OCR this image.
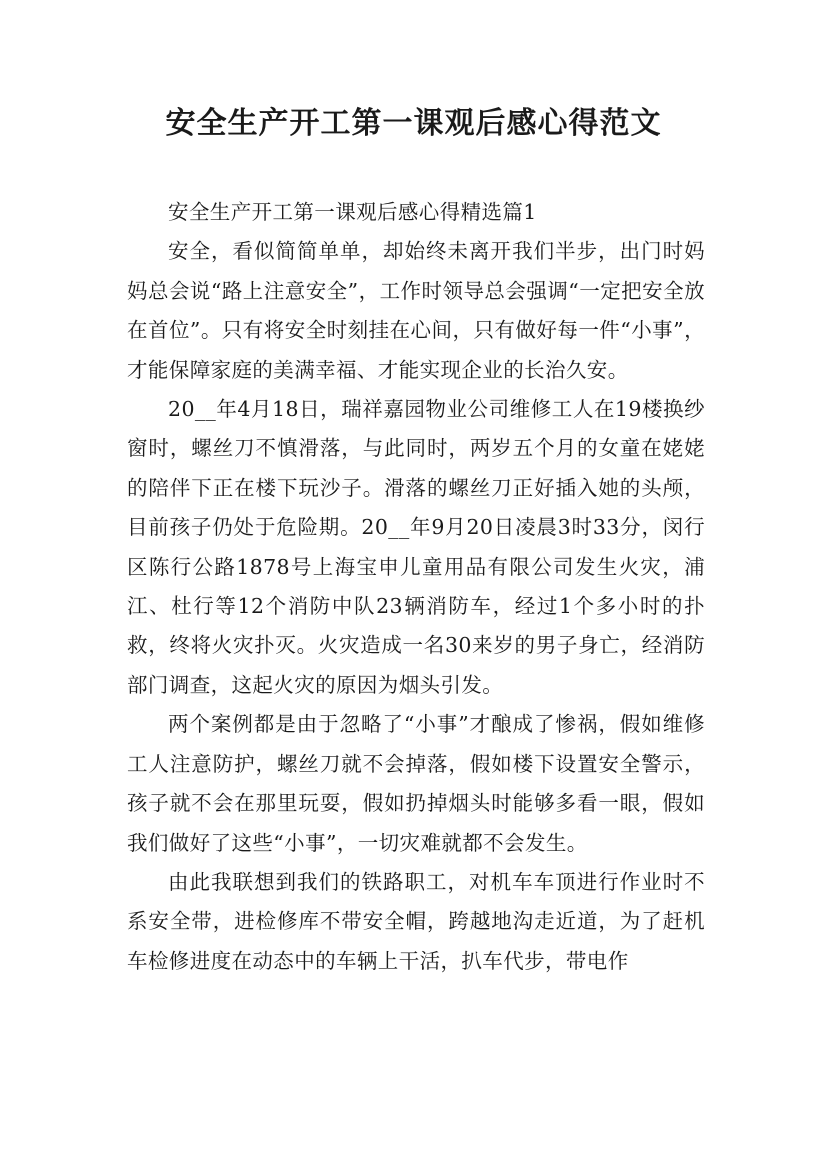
安全生产开工第一课观后感心得范文

安全生产开工第一课观后感心得精选篇1

安全，看似简简单单，却始终未离开我们半步，出门时妈妈总会说“路上注意安全”，工作时领导总会强调“一定把安全放在首位”。只有将安全时刻挂在心间，只有做好每一件“小事”，才能保障家庭的美满幸福、才能实现企业的长治久安。

20__年4月18日，瑞祥嘉园物业公司维修工人在19楼换纱窗时，螺丝刀不慎滑落，与此同时，两岁五个月的女童在姥姥的陪伴下正在楼下玩沙子。滑落的螺丝刀正好插入她的头颅，目前孩子仍处于危险期。20__年9月20日凌晨3时33分，闵行区陈行公路1878号上海宝申儿童用品有限公司发生火灾，浦江、杜行等12个消防中队23辆消防车，经过1个多小时的扑救，终将火灾扑灭。火灾造成一名30来岁的男子身亡，经消防部门调查，这起火灾的原因为烟头引发。

两个案例都是由于忽略了“小事”才酿成了惨祸，假如维修工人注意防护，螺丝刀就不会掉落，假如楼下设置安全警示，孩子就不会在那里玩耍，假如扔掉烟头时能够多看一眼，假如我们做好了这些“小事”，一切灾难就都不会发生。

由此我联想到我们的铁路职工，对机车车顶进行作业时不系安全带，进检修库不带安全帽，跨越地沟走近道，为了赶机车检修进度在动态中的车辆上干活，扒车代步，带电作
